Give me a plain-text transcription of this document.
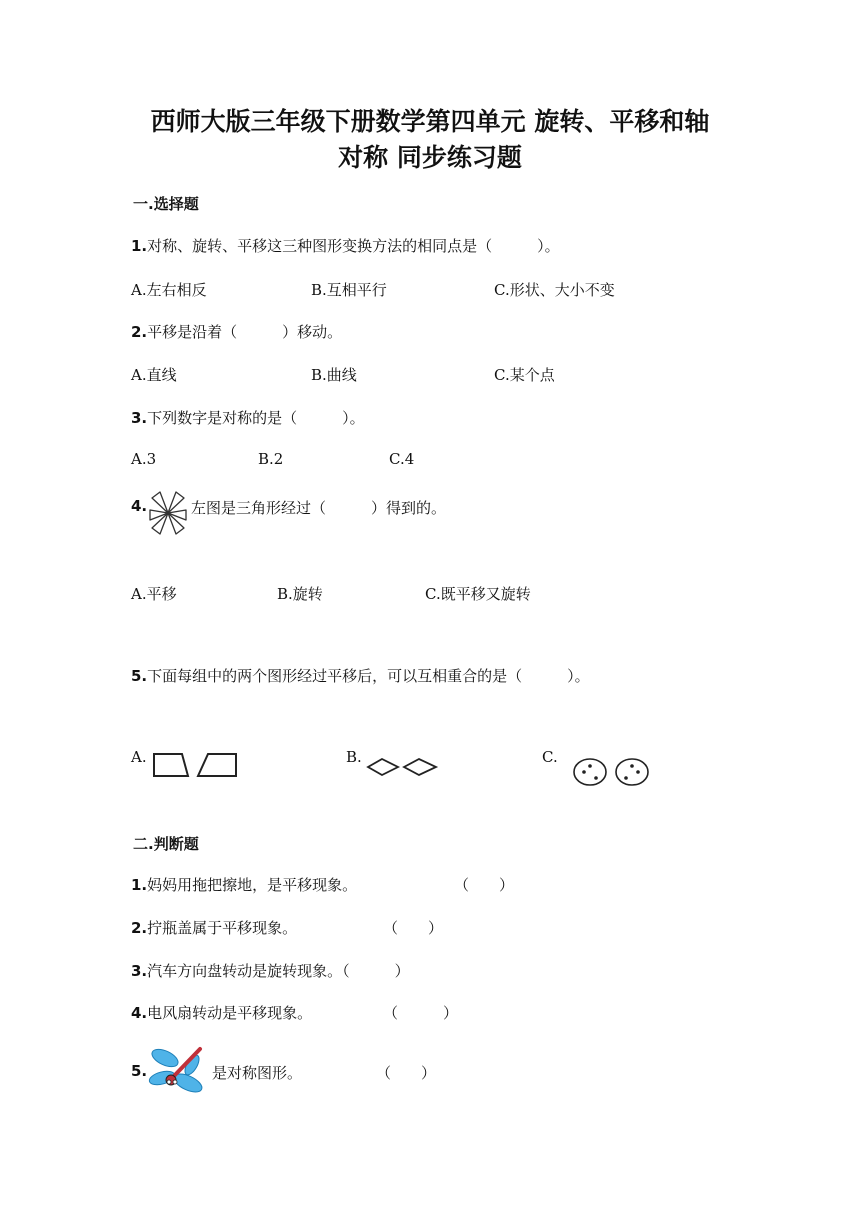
西师大版三年级下册数学第四单元 旋转、平移和轴
对称 同步练习题
一.选择题
1.对称、旋转、平移这三种图形变换方法的相同点是（　　　）。
A.左右相反	B.互相平行	C.形状、大小不变
2.平移是沿着（　　　）移动。
A.直线	B.曲线	C.某个点
3.下列数字是对称的是（　　　）。
A.3	B.2	C.4
4.	左图是三角形经过（　　　）得到的。
A.平移	B.旋转	C.既平移又旋转
5.下面每组中的两个图形经过平移后，可以互相重合的是（　　　）。
A.	B.	C.
二.判断题
1.妈妈用拖把擦地，是平移现象。	（　　）
2.拧瓶盖属于平移现象。	（　　）
3.汽车方向盘转动是旋转现象。（　　　）
4.电风扇转动是平移现象。	（　　　）
5.	是对称图形。	（　　）
